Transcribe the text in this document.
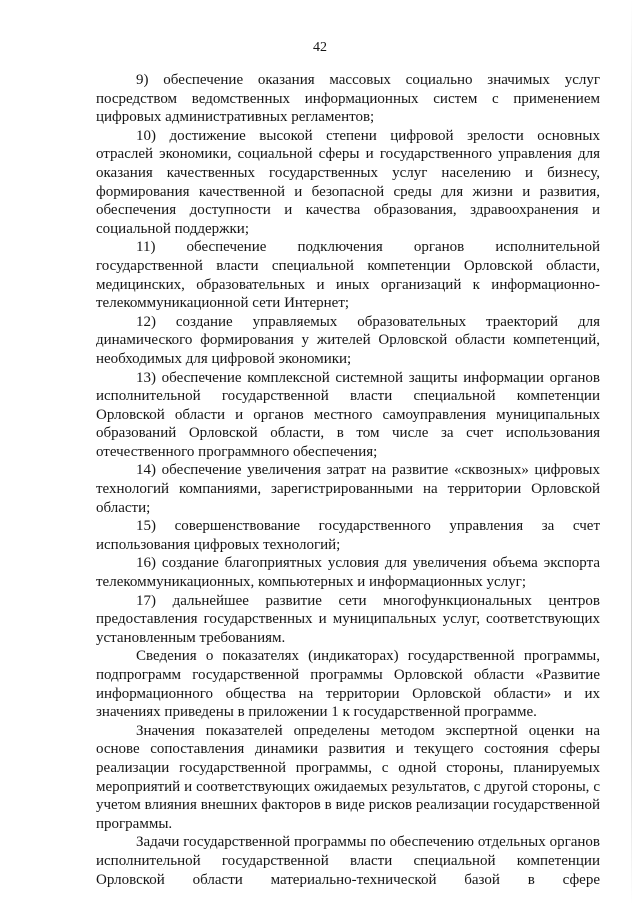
42

9) обеспечение оказания массовых социально значимых услуг посредством ведомственных информационных систем с применением цифровых административных регламентов;

10) достижение высокой степени цифровой зрелости основных отраслей экономики, социальной сферы и государственного управления для оказания качественных государственных услуг населению и бизнесу, формирования качественной и безопасной среды для жизни и развития, обеспечения доступности и качества образования, здравоохранения и социальной поддержки;

11) обеспечение подключения органов исполнительной государственной власти специальной компетенции Орловской области, медицинских, образовательных и иных организаций к информационно-телекоммуникационной сети Интернет;

12) создание управляемых образовательных траекторий для динамического формирования у жителей Орловской области компетенций, необходимых для цифровой экономики;

13) обеспечение комплексной системной защиты информации органов исполнительной государственной власти специальной компетенции Орловской области и органов местного самоуправления муниципальных образований Орловской области, в том числе за счет использования отечественного программного обеспечения;

14) обеспечение увеличения затрат на развитие «сквозных» цифровых технологий компаниями, зарегистрированными на территории Орловской области;

15) совершенствование государственного управления за счет использования цифровых технологий;

16) создание благоприятных условия для увеличения объема экспорта телекоммуникационных, компьютерных и информационных услуг;

17) дальнейшее развитие сети многофункциональных центров предоставления государственных и муниципальных услуг, соответствующих установленным требованиям.

Сведения о показателях (индикаторах) государственной программы, подпрограмм государственной программы Орловской области «Развитие информационного общества на территории Орловской области» и их значениях приведены в приложении 1 к государственной программе.

Значения показателей определены методом экспертной оценки на основе сопоставления динамики развития и текущего состояния сферы реализации государственной программы, с одной стороны, планируемых мероприятий и соответствующих ожидаемых результатов, с другой стороны, с учетом влияния внешних факторов в виде рисков реализации государственной программы.

Задачи государственной программы по обеспечению отдельных органов исполнительной государственной власти специальной компетенции Орловской области материально-технической базой в сфере
